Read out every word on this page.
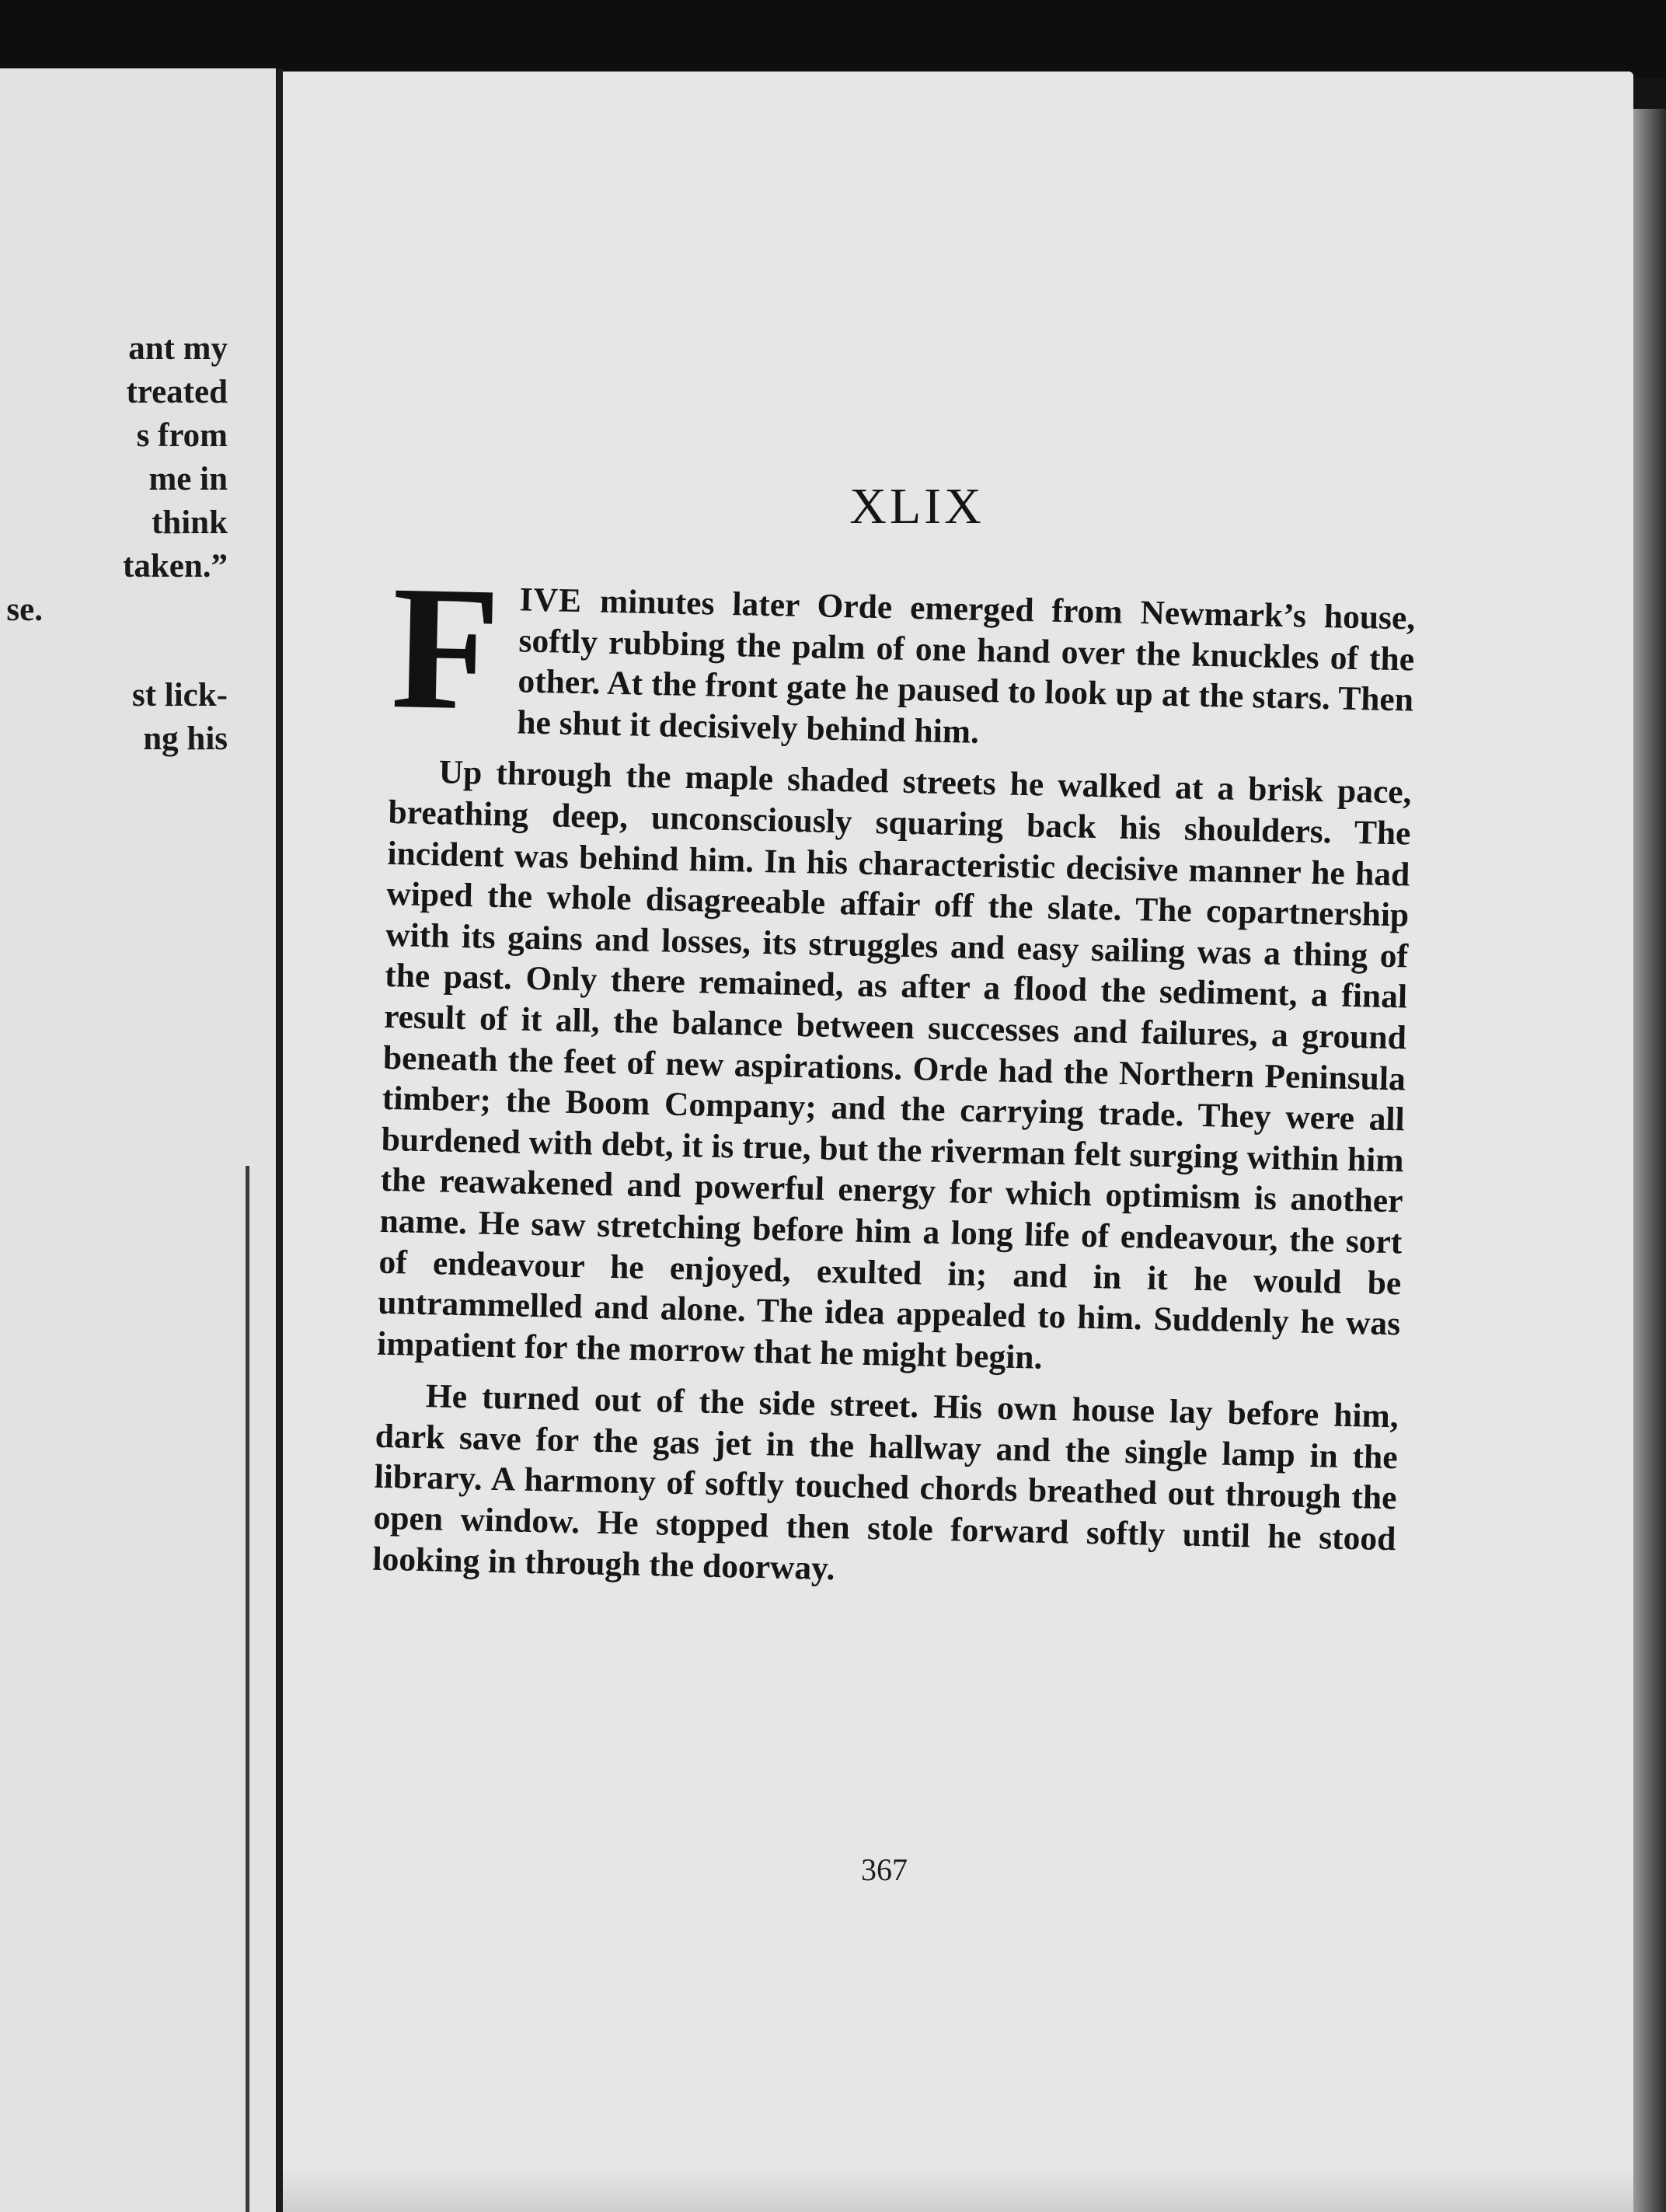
ant my
treated
s from
me in
think
taken.”
se.
st lick-
ng his
XLIX

FIVE minutes later Orde emerged from Newmark’s house, softly rubbing the palm of one hand over the knuckles of the other. At the front gate he paused to look up at the stars. Then he shut it decisively behind him.

Up through the maple shaded streets he walked at a brisk pace, breathing deep, unconsciously squaring back his shoulders. The incident was behind him. In his characteristic decisive manner he had wiped the whole disagreeable affair off the slate. The copartnership with its gains and losses, its struggles and easy sailing was a thing of the past. Only there remained, as after a flood the sediment, a final result of it all, the balance between successes and failures, a ground beneath the feet of new aspirations. Orde had the Northern Peninsula timber; the Boom Company; and the carrying trade. They were all burdened with debt, it is true, but the riverman felt surging within him the reawakened and powerful energy for which optimism is another name. He saw stretching before him a long life of endeavour, the sort of endeavour he enjoyed, exulted in; and in it he would be untrammelled and alone. The idea appealed to him. Suddenly he was impatient for the morrow that he might begin.

He turned out of the side street. His own house lay before him, dark save for the gas jet in the hallway and the single lamp in the library. A harmony of softly touched chords breathed out through the open window. He stopped then stole forward softly until he stood looking in through the doorway.

367
